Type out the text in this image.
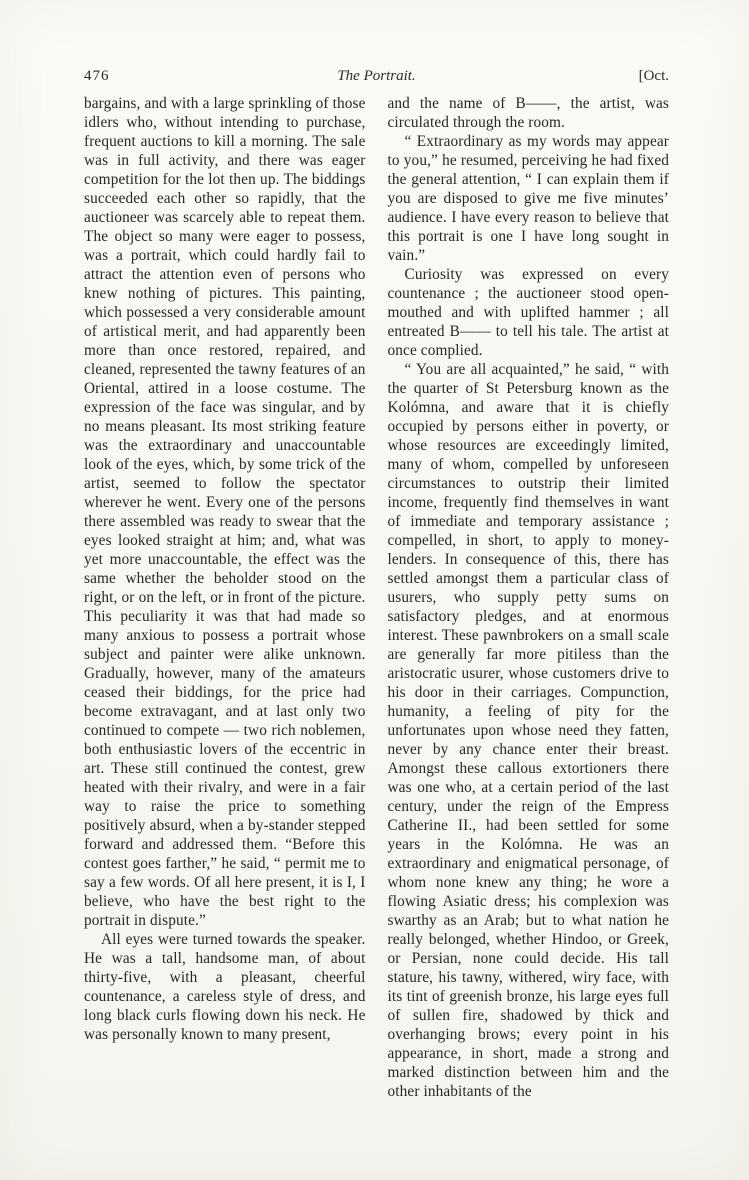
476	The Portrait.	[Oct.

bargains, and with a large sprinkling of those idlers who, without intending to purchase, frequent auctions to kill a morning. The sale was in full activity, and there was eager competition for the lot then up. The biddings succeeded each other so rapidly, that the auctioneer was scarcely able to repeat them. The object so many were eager to possess, was a portrait, which could hardly fail to attract the attention even of persons who knew nothing of pictures. This painting, which possessed a very considerable amount of artistical merit, and had apparently been more than once restored, repaired, and cleaned, represented the tawny features of an Oriental, attired in a loose costume. The expression of the face was singular, and by no means pleasant. Its most striking feature was the extraordinary and unaccountable look of the eyes, which, by some trick of the artist, seemed to follow the spectator wherever he went. Every one of the persons there assembled was ready to swear that the eyes looked straight at him; and, what was yet more unaccountable, the effect was the same whether the beholder stood on the right, or on the left, or in front of the picture. This peculiarity it was that had made so many anxious to possess a portrait whose subject and painter were alike unknown. Gradually, however, many of the amateurs ceased their biddings, for the price had become extravagant, and at last only two continued to compete — two rich noblemen, both enthusiastic lovers of the eccentric in art. These still continued the contest, grew heated with their rivalry, and were in a fair way to raise the price to something positively absurd, when a by-stander stepped forward and addressed them. “Before this contest goes farther,” he said, “ permit me to say a few words. Of all here present, it is I, I believe, who have the best right to the portrait in dispute.”

All eyes were turned towards the speaker. He was a tall, handsome man, of about thirty-five, with a pleasant, cheerful countenance, a careless style of dress, and long black curls flowing down his neck. He was personally known to many present,

and the name of B——, the artist, was circulated through the room.

“ Extraordinary as my words may appear to you,” he resumed, perceiving he had fixed the general attention, “ I can explain them if you are disposed to give me five minutes’ audience. I have every reason to believe that this portrait is one I have long sought in vain.”

Curiosity was expressed on every countenance ; the auctioneer stood open-mouthed and with uplifted hammer ; all entreated B—— to tell his tale. The artist at once complied.

“ You are all acquainted,” he said, “ with the quarter of St Petersburg known as the Kolómna, and aware that it is chiefly occupied by persons either in poverty, or whose resources are exceedingly limited, many of whom, compelled by unforeseen circumstances to outstrip their limited income, frequently find themselves in want of immediate and temporary assistance ; compelled, in short, to apply to money-lenders. In consequence of this, there has settled amongst them a particular class of usurers, who supply petty sums on satisfactory pledges, and at enormous interest. These pawnbrokers on a small scale are generally far more pitiless than the aristocratic usurer, whose customers drive to his door in their carriages. Compunction, humanity, a feeling of pity for the unfortunates upon whose need they fatten, never by any chance enter their breast. Amongst these callous extortioners there was one who, at a certain period of the last century, under the reign of the Empress Catherine II., had been settled for some years in the Kolómna. He was an extraordinary and enigmatical personage, of whom none knew any thing; he wore a flowing Asiatic dress; his complexion was swarthy as an Arab; but to what nation he really belonged, whether Hindoo, or Greek, or Persian, none could decide. His tall stature, his tawny, withered, wiry face, with its tint of greenish bronze, his large eyes full of sullen fire, shadowed by thick and overhanging brows; every point in his appearance, in short, made a strong and marked distinction between him and the other inhabitants of the
